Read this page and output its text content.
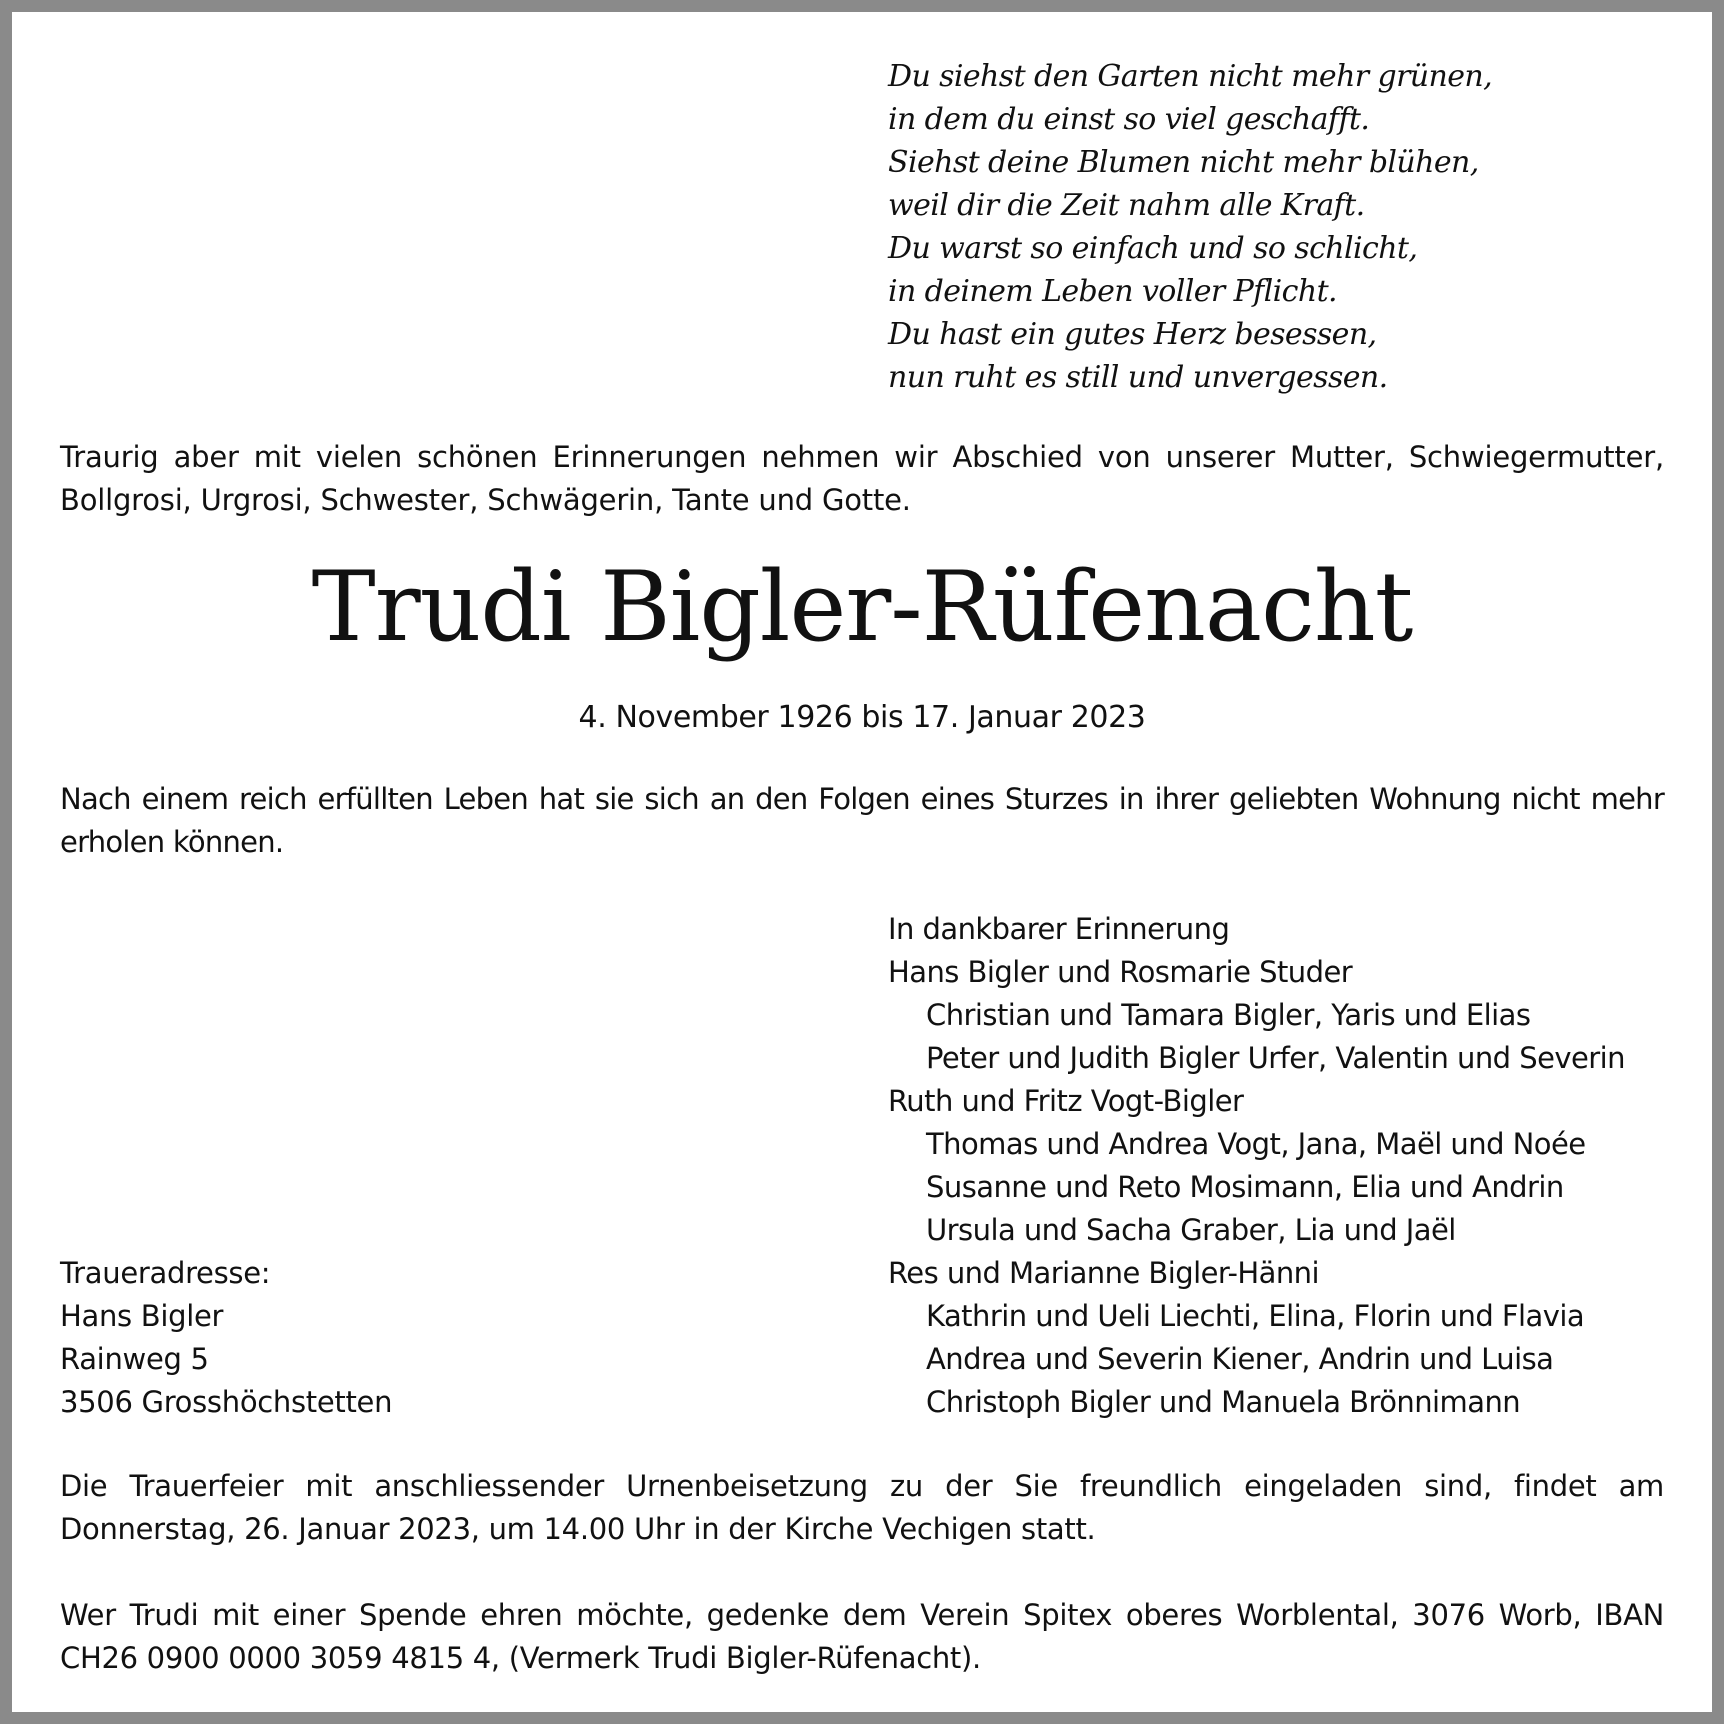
Du siehst den Garten nicht mehr grünen,
in dem du einst so viel geschafft.
Siehst deine Blumen nicht mehr blühen,
weil dir die Zeit nahm alle Kraft.
Du warst so einfach und so schlicht,
in deinem Leben voller Pflicht.
Du hast ein gutes Herz besessen,
nun ruht es still und unvergessen.
Traurig aber mit vielen schönen Erinnerungen nehmen wir Abschied von unserer Mutter, Schwiegermutter, Bollgrosi, Urgrosi, Schwester, Schwägerin, Tante und Gotte.
Trudi Bigler-Rüfenacht
4. November 1926 bis 17. Januar 2023
Nach einem reich erfüllten Leben hat sie sich an den Folgen eines Sturzes in ihrer geliebten Wohnung nicht mehr erholen können.
In dankbarer Erinnerung
Hans Bigler und Rosmarie Studer
Christian und Tamara Bigler, Yaris und Elias
Peter und Judith Bigler Urfer, Valentin und Severin
Ruth und Fritz Vogt-Bigler
Thomas und Andrea Vogt, Jana, Maël und Noée
Susanne und Reto Mosimann, Elia und Andrin
Ursula und Sacha Graber, Lia und Jaël
Res und Marianne Bigler-Hänni
Kathrin und Ueli Liechti, Elina, Florin und Flavia
Andrea und Severin Kiener, Andrin und Luisa
Christoph Bigler und Manuela Brönnimann
Traueradresse:
Hans Bigler
Rainweg 5
3506 Grosshöchstetten
Die Trauerfeier mit anschliessender Urnenbeisetzung zu der Sie freundlich eingeladen sind, findet am Donnerstag, 26. Januar 2023, um 14.00 Uhr in der Kirche Vechigen statt.
Wer Trudi mit einer Spende ehren möchte, gedenke dem Verein Spitex oberes Worblental, 3076 Worb, IBAN CH26 0900 0000 3059 4815 4, (Vermerk Trudi Bigler-Rüfenacht).
